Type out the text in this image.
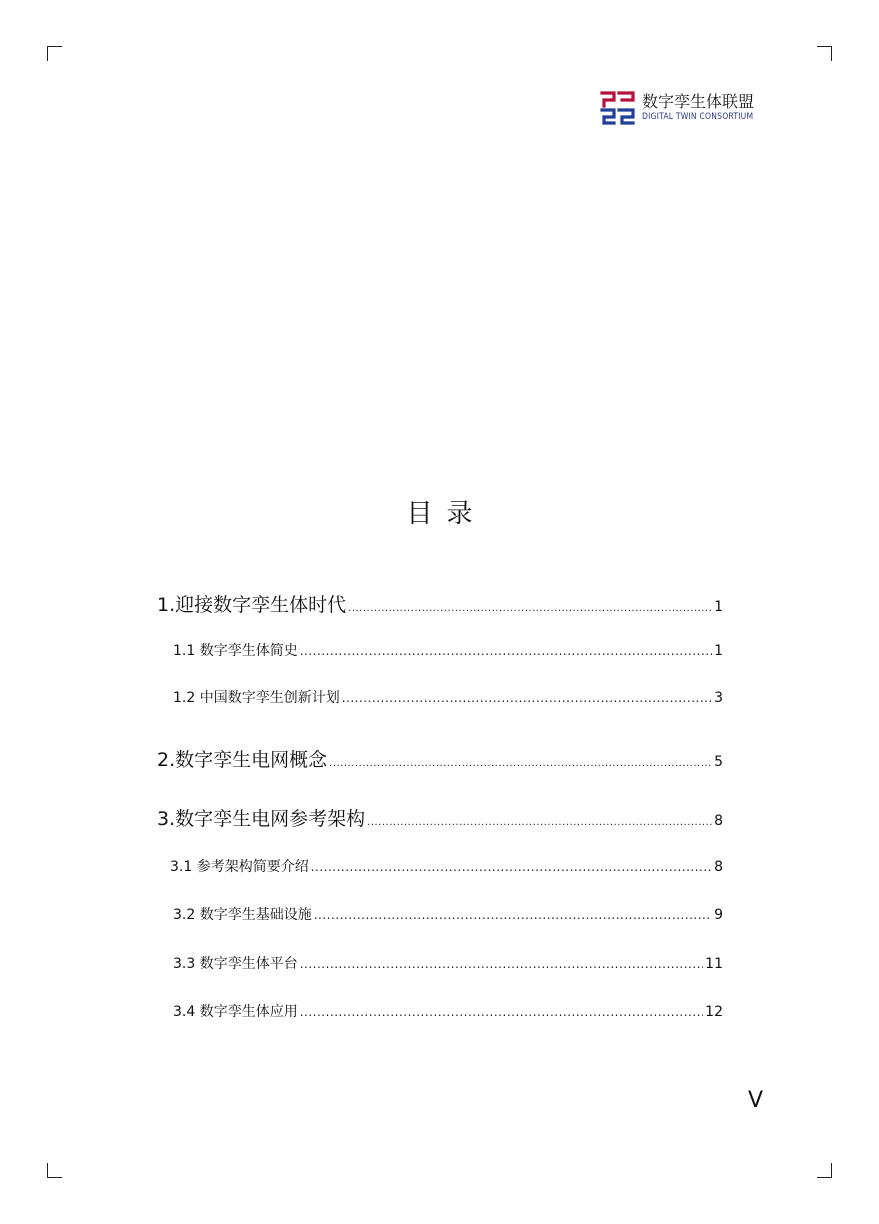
数字孪生体联盟
DIGITAL TWIN CONSORTIUM
目录
1.迎接数字孪生体时代 .....	1
1.1 数字孪生体简史 .....	1
1.2 中国数字孪生创新计划 .....	3
2.数字孪生电网概念 .....	5
3.数字孪生电网参考架构 .....	8
3.1 参考架构简要介绍 .....	8
3.2 数字孪生基础设施 .....	9
3.3 数字孪生体平台 .....	11
3.4 数字孪生体应用 .....	12
V
